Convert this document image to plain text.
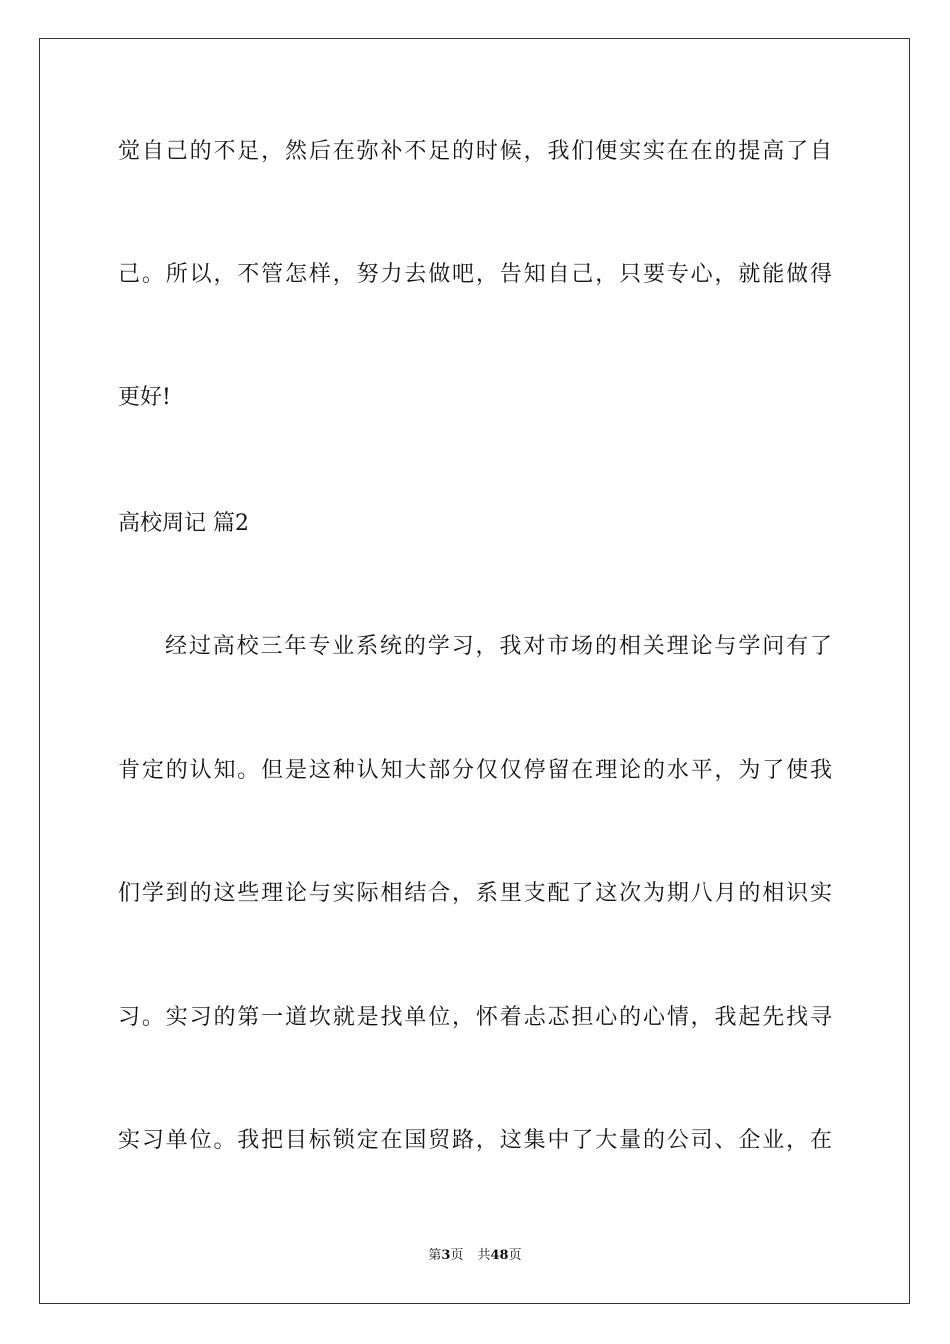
觉自己的不足，然后在弥补不足的时候，我们便实实在在的提高了自
己。所以，不管怎样，努力去做吧，告知自己，只要专心，就能做得
更好!
高校周记 篇2
经过高校三年专业系统的学习，我对市场的相关理论与学问有了
肯定的认知。但是这种认知大部分仅仅停留在理论的水平，为了使我
们学到的这些理论与实际相结合，系里支配了这次为期八月的相识实
习。实习的第一道坎就是找单位，怀着忐忑担心的心情，我起先找寻
实习单位。我把目标锁定在国贸路，这集中了大量的公司、企业，在
第3页 共48页
